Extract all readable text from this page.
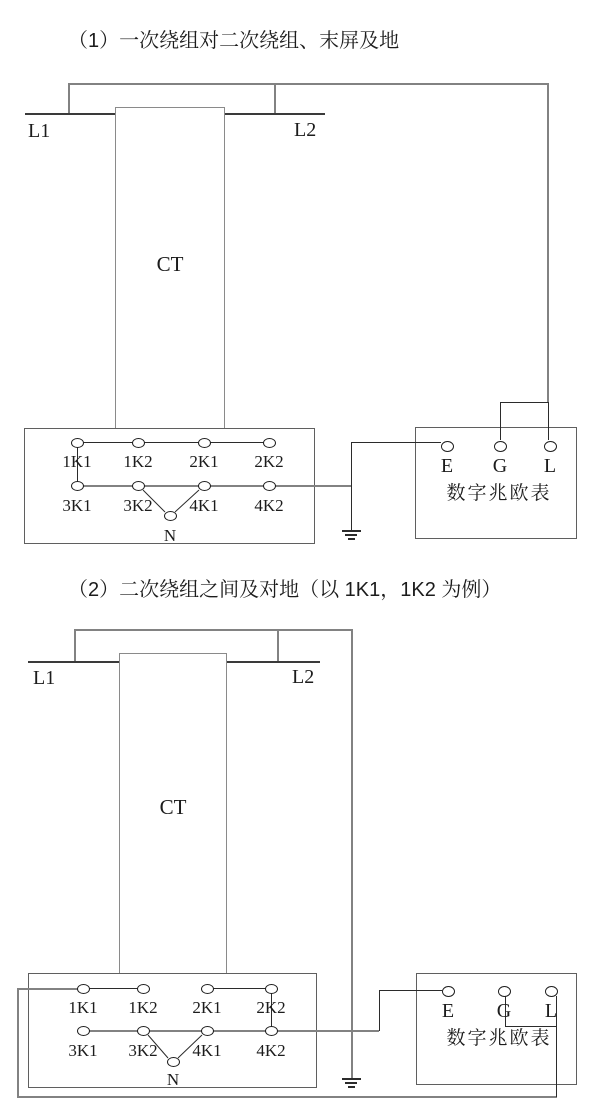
（1）一次绕组对二次绕组、末屏及地
L1	L2
CT
1K1 1K2 2K1 2K2
3K1 3K2 4K1 4K2
N
E G L
数字兆欧表
（2）二次绕组之间及对地（以 1K1，1K2 为例）
L1	L2
CT
1K1 1K2 2K1 2K2
3K1 3K2 4K1 4K2
N
E G L
数字兆欧表
